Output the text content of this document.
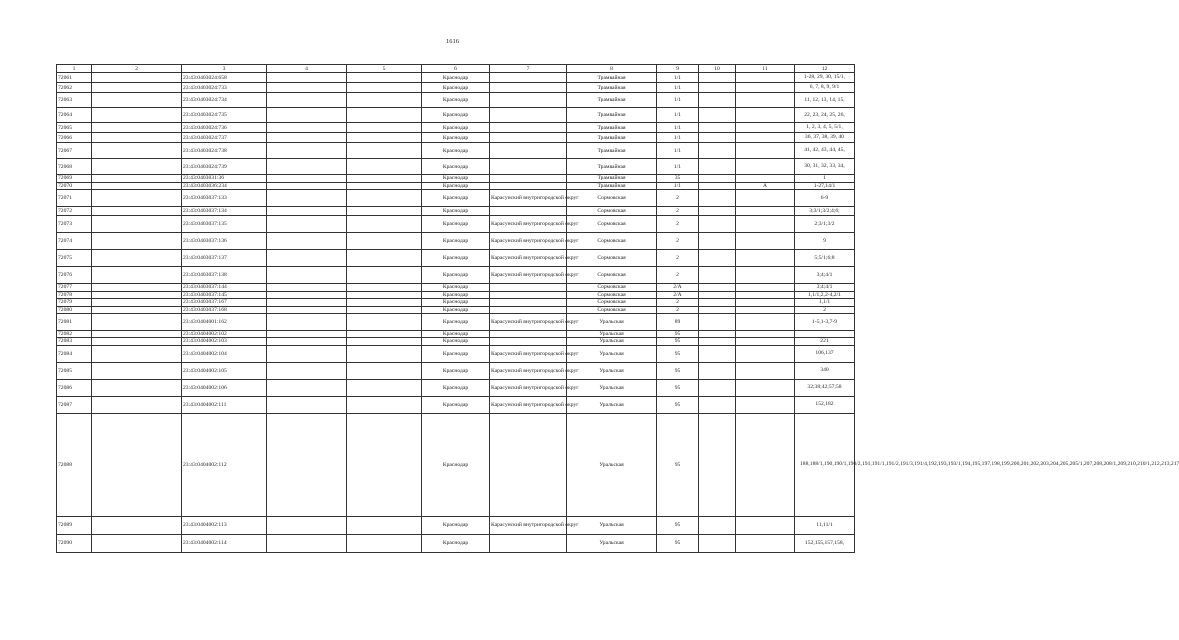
1616
1	2	3	4	5	6	7	8	9	10	11	12
72061		23:43:0403024:658			Краснодар		Трамвайная	1/1			1-28, 29, 30, 15/1,
72062		23:43:0403024:733			Краснодар		Трамвайная	1/1			6, 7, 8, 9, 9/1
72063		23:43:0403024:734			Краснодар		Трамвайная	1/1			11, 12, 13, 14, 15,
72064		23:43:0403024:735			Краснодар		Трамвайная	1/1			22, 23, 24, 25, 26,
72065		23:43:0403024:736			Краснодар		Трамвайная	1/1			1, 2, 3, 4, 5, 5/1,
72066		23:43:0403024:737			Краснодар		Трамвайная	1/1			36, 37, 38, 39, 40
72067		23:43:0403024:738			Краснодар		Трамвайная	1/1			41, 42, 43, 44, 45,
72068		23:43:0403024:739			Краснодар		Трамвайная	1/1			30, 31, 32, 33, 34,
72069		23:43:0403031:36			Краснодар		Трамвайная	35			1
72070		23:43:0403036:234			Краснодар		Трамвайная	1/1		А	1-27,14/1
72071		23:43:0403037:133			Краснодар	Карасунский внутригородской округ	Сормовская	2			6-9
72072		23:43:0403037:134			Краснодар		Сормовская	2			3;3/1;3/2;4;6;
72073		23:43:0403037:135			Краснодар	Карасунский внутригородской округ	Сормовская	2			2;3/1;3/2
72074		23:43:0403037:136			Краснодар	Карасунский внутригородской округ	Сормовская	2			9
72075		23:43:0403037:137			Краснодар	Карасунский внутригородской округ	Сормовская	2			5;5/1;6;8
72076		23:43:0403037:138			Краснодар	Карасунский внутригородской округ	Сормовская	2			3;4;4/1
72077		23:43:0403037:144			Краснодар		Сормовская	2/А			3;4;4/1
72078		23:43:0403037:145			Краснодар		Сормовская	2/А			1,1/1,2,2-4,2/1
72079		23:43:0403037:167			Краснодар		Сормовская	2			1,1/1
72080		23:43:0403037:168			Краснодар		Сормовская	2			2
72081		23:43:0404001:162			Краснодар	Карасунский внутригородской округ	Уральская	89			1-5,1-3,7-9
72082		23:43:0404002:102			Краснодар		Уральская	95			
72083		23:43:0404002:103			Краснодар		Уральская	95			221
72084		23:43:0404002:104			Краснодар	Карасунский внутригородской округ	Уральская	95			106,137
72085		23:43:0404002:105			Краснодар	Карасунский внутригородской округ	Уральская	95			340
72086		23:43:0404002:106			Краснодар	Карасунский внутригородской округ	Уральская	95			32;38;42;57;58
72087		23:43:0404002:111			Краснодар	Карасунский внутригородской округ	Уральская	95			152,182
72088		23:43:0404002:112			Краснодар		Уральская	95			188,188/1,190,190/1,190/2,191,191/1,191/2,191/3,191/4,192,193,193/1,194,195,197,198,199,200,201,202,203,204,205,205/1,207,208,208/1,209,210,210/1,212,213,217
72089		23:43:0404002:113			Краснодар	Карасунский внутригородской округ	Уральская	95			11,11/1
72090		23:43:0404002:114			Краснодар		Уральская	95			152,155,157,158,
